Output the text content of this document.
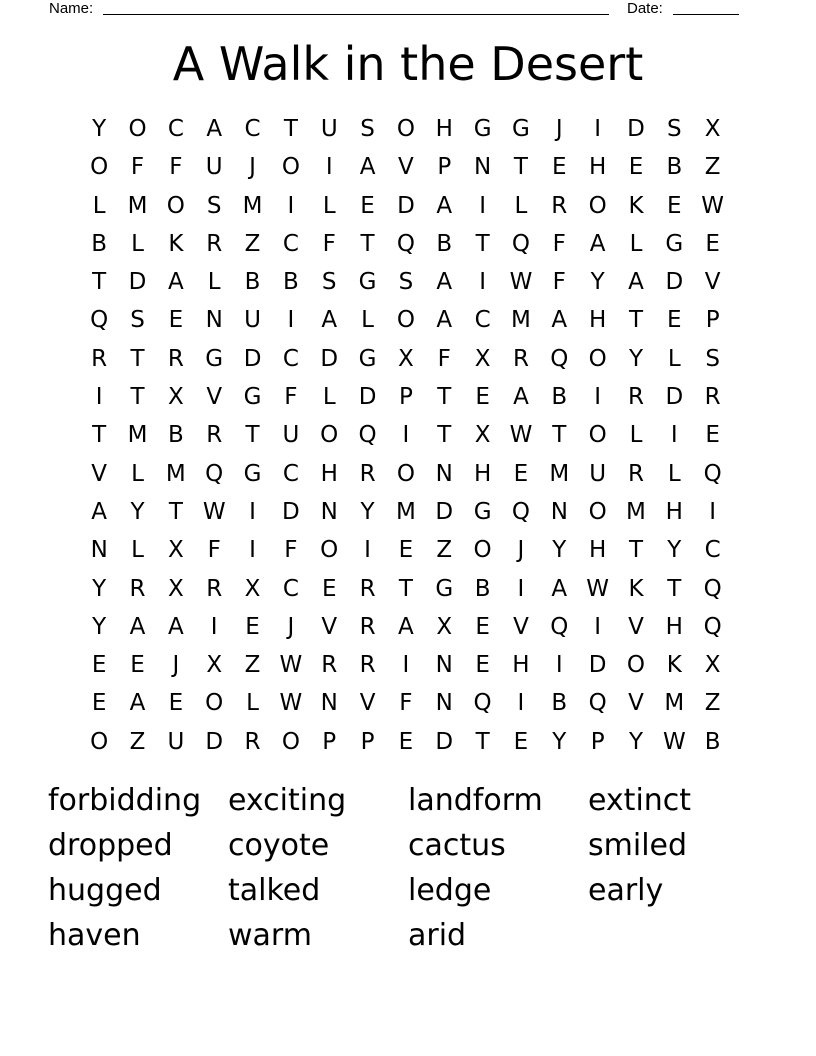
Name:	Date:
A Walk in the Desert
Y O C A C	T U S O H G G	J	I	D S	X
O F	F	U	J	O	I	A V	P N T	E H E	B Z
L M O S M	I	L	E D A	I	L	R O K	E W
B	L	K R Z C	F	T Q B	T Q F	A	L	G E
T D A	L	B B	S G S	A	I	W F	Y	A D V
Q S	E N U	I	A	L O A C M A H T	E	P
R	T	R G D C D G X	F	X R Q O Y	L	S
I	T	X V G F	L	D P	T	E	A B	I	R D R
T M B R	T U O Q	I	T	X W T O L	I	E
V	L M Q G C H R O N H E M U R	L Q
A	Y	T W	I	D N Y M D G Q N O M H	I
N	L	X	F	I	F O	I	E	Z O	J	Y H T	Y	C
Y	R X R X C	E	R	T G B	I	A W K	T Q
Y	A A	I	E	J	V R A X	E	V Q	I	V H Q
E	E	J	X Z W R R	I	N E H	I	D O K X
E	A	E O L W N V	F	N Q	I	B Q V M Z
O Z U D R O P	P	E D T	E	Y	P	Y W B
forbidding exciting	landform	extinct
dropped	coyote	cactus	smiled
hugged	talked	ledge	early
haven	warm	arid
